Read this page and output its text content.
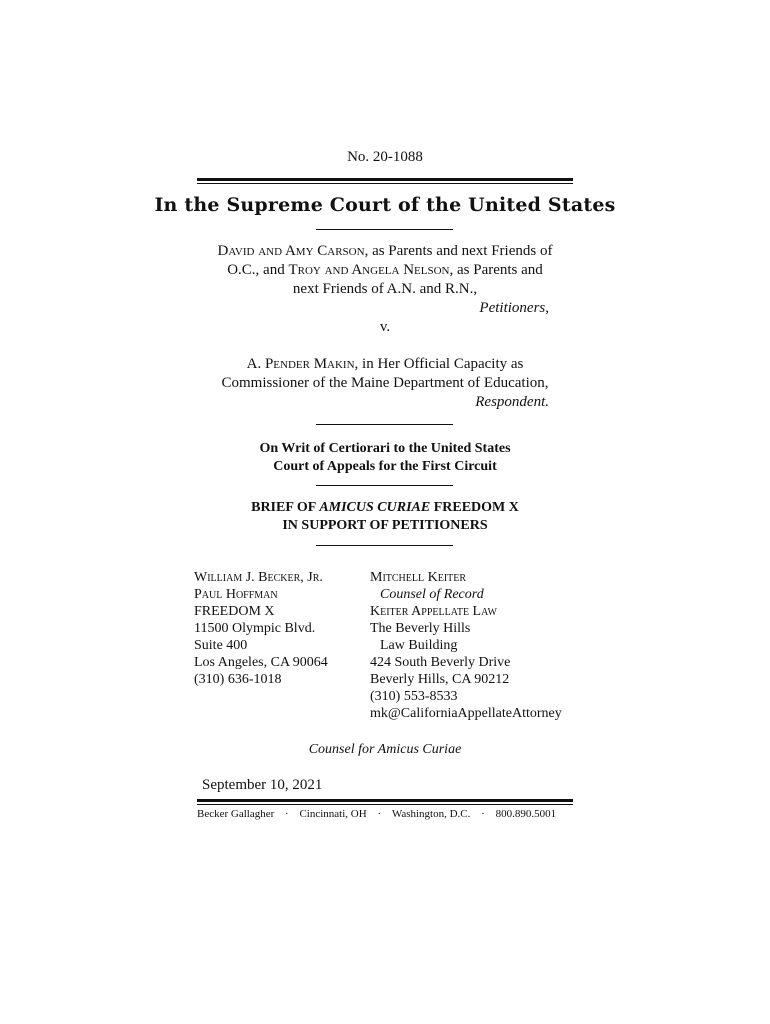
No. 20-1088
In the Supreme Court of the United States
David and Amy Carson, as Parents and next Friends of
O.C., and Troy and Angela Nelson, as Parents and
next Friends of A.N. and R.N.,
Petitioners,
v.
A. Pender Makin, in Her Official Capacity as
Commissioner of the Maine Department of Education,
Respondent.
On Writ of Certiorari to the United States
Court of Appeals for the First Circuit
BRIEF OF AMICUS CURIAE FREEDOM X
IN SUPPORT OF PETITIONERS
William J. Becker, Jr.
Paul Hoffman
FREEDOM X
11500 Olympic Blvd.
Suite 400
Los Angeles, CA 90064
(310) 636-1018
Mitchell Keiter
Counsel of Record
Keiter Appellate Law
The Beverly Hills
Law Building
424 South Beverly Drive
Beverly Hills, CA 90212
(310) 553-8533
mk@CaliforniaAppellateAttorney
Counsel for Amicus Curiae
September 10, 2021
Becker Gallagher · Cincinnati, OH · Washington, D.C. · 800.890.5001
